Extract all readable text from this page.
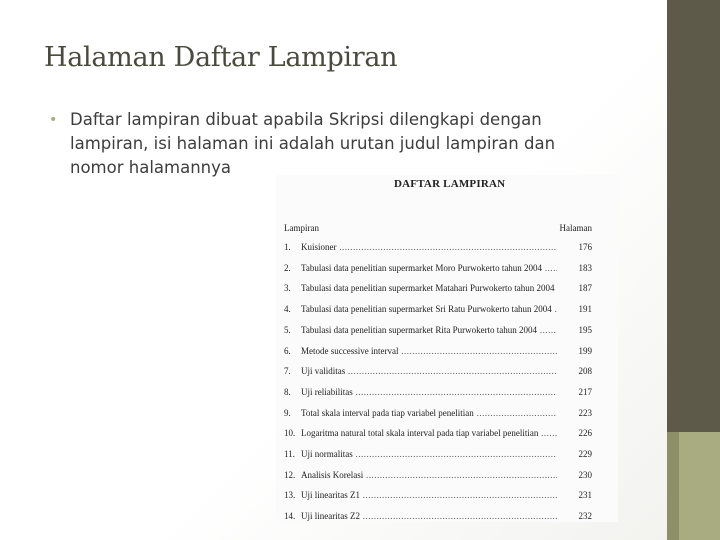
Halaman Daftar Lampiran
• Daftar lampiran dibuat apabila Skripsi dilengkapi dengan lampiran, isi halaman ini adalah urutan judul lampiran dan nomor halamannya
DAFTAR LAMPIRAN
Lampiran	Halaman
1.	Kuisioner .....	176
2.	Tabulasi data penelitian supermarket Moro Purwokerto tahun 2004 .....	183
3.	Tabulasi data penelitian supermarket Matahari Purwokerto tahun 2004 .....	187
4.	Tabulasi data penelitian supermarket Sri Ratu Purwokerto tahun 2004 .....	191
5.	Tabulasi data penelitian supermarket Rita Purwokerto tahun 2004 .....	195
6.	Metode successive interval .....	199
7.	Uji validitas .....	208
8.	Uji reliabilitas .....	217
9.	Total skala interval pada tiap variabel penelitian .....	223
10. Logaritma natural total skala interval pada tiap variabel penelitian .....	226
11. Uji normalitas .....	229
12. Analisis Korelasi .....	230
13. Uji linearitas Z1 .....	231
14. Uji linearitas Z2 .....	232
